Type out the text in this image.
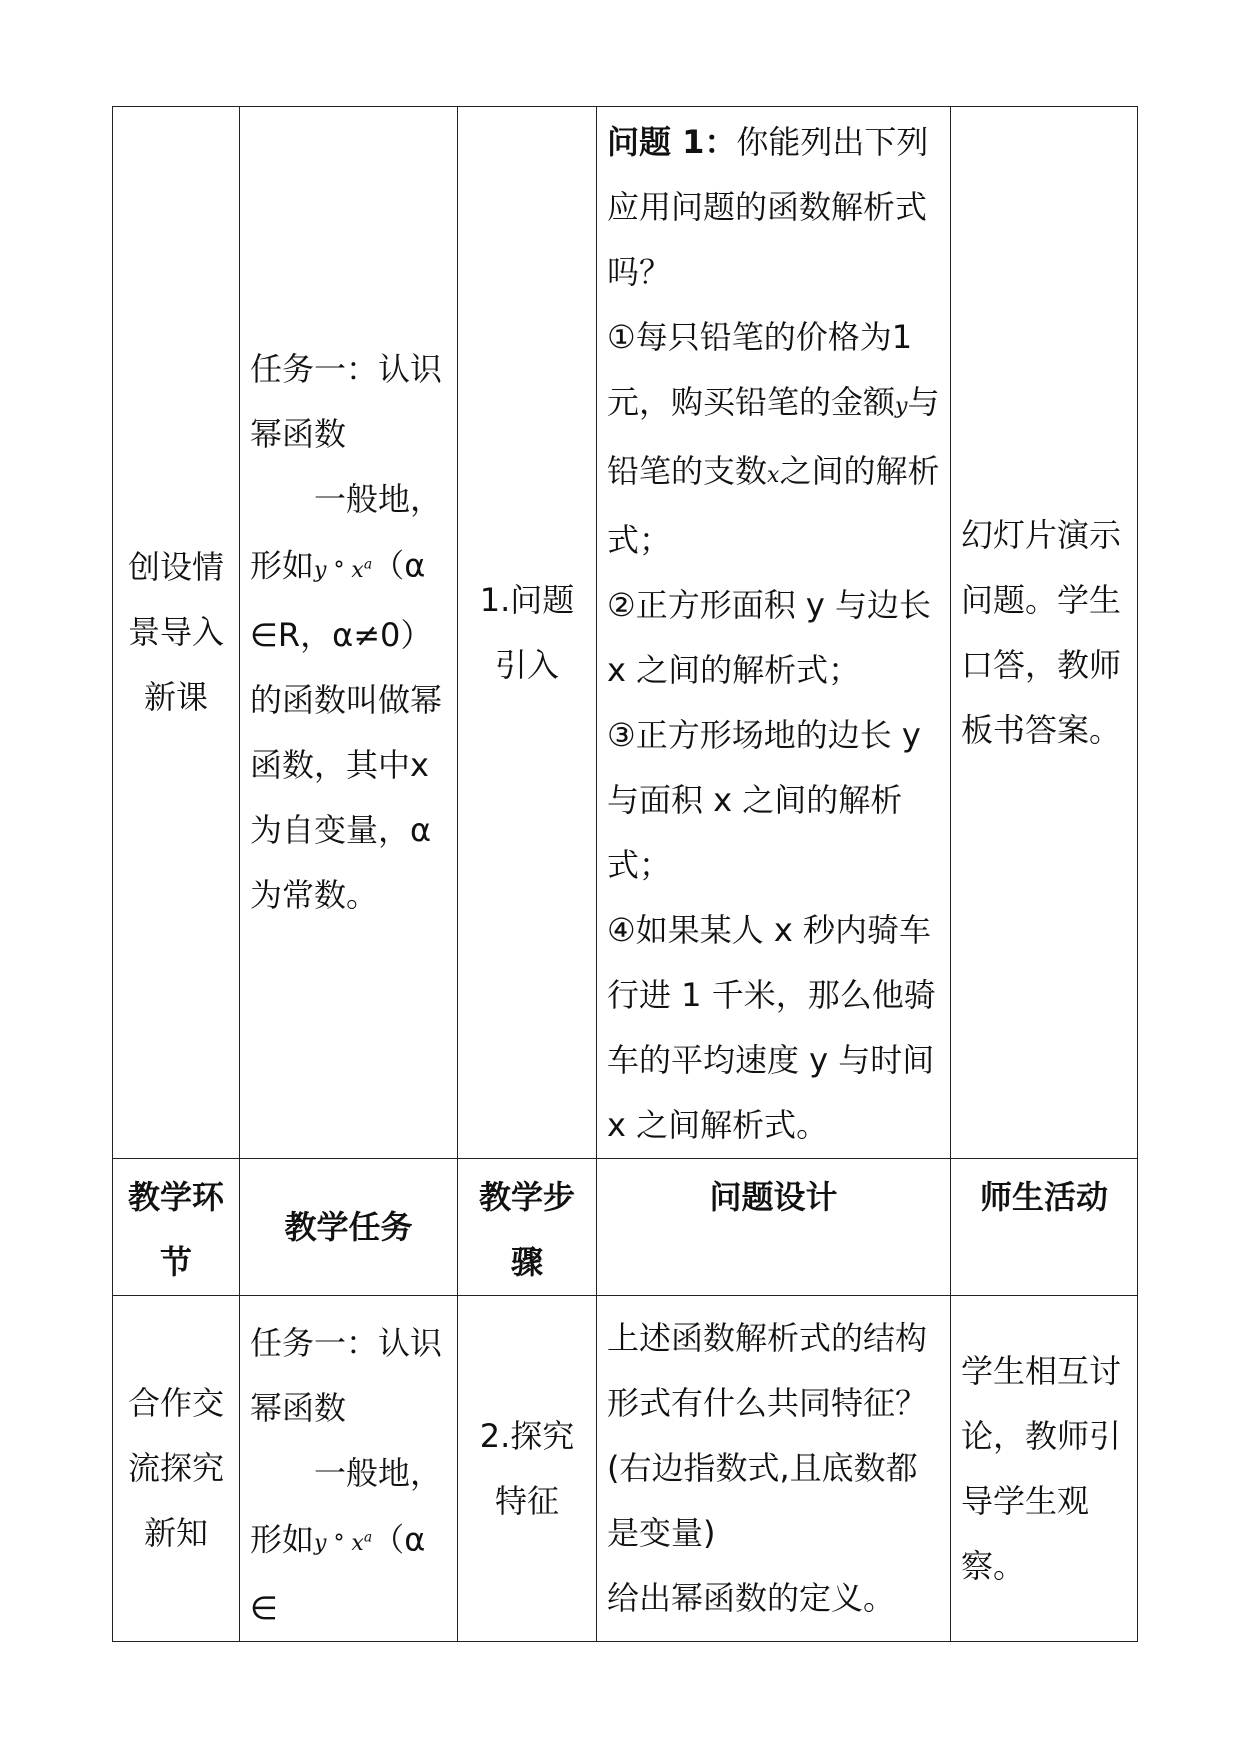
创设情景导入新课	任务一：认识幂函数
一般地，形如y ° $x^a(\alpha\in R$，α≠0）的函数叫做幂函数，其中x为自变量，α为常数。	1.问题引入	问题 1：你能列出下列应用问题的函数解析式吗？
①每只铅笔的价格为1元，购买铅笔的金额y与铅笔的支数x之间的解析式；
②正方形面积 y 与边长 x 之间的解析式；
③正方形场地的边长 y 与面积 x 之间的解析式；
④如果某人 x 秒内骑车行进 1 千米，那么他骑车的平均速度 y 与时间 x 之间解析式。	幻灯片演示问题。学生口答，教师板书答案。

教学环节	教学任务	教学步骤	问题设计	师生活动
合作交流探究新知	任务一：认识幂函数
一般地，形如y ° $x^a(\alpha\in$	2.探究特征	上述函数解析式的结构形式有什么共同特征？(右边指数式,且底数都是变量)
给出幂函数的定义。	学生相互讨论，教师引导学生观察。
